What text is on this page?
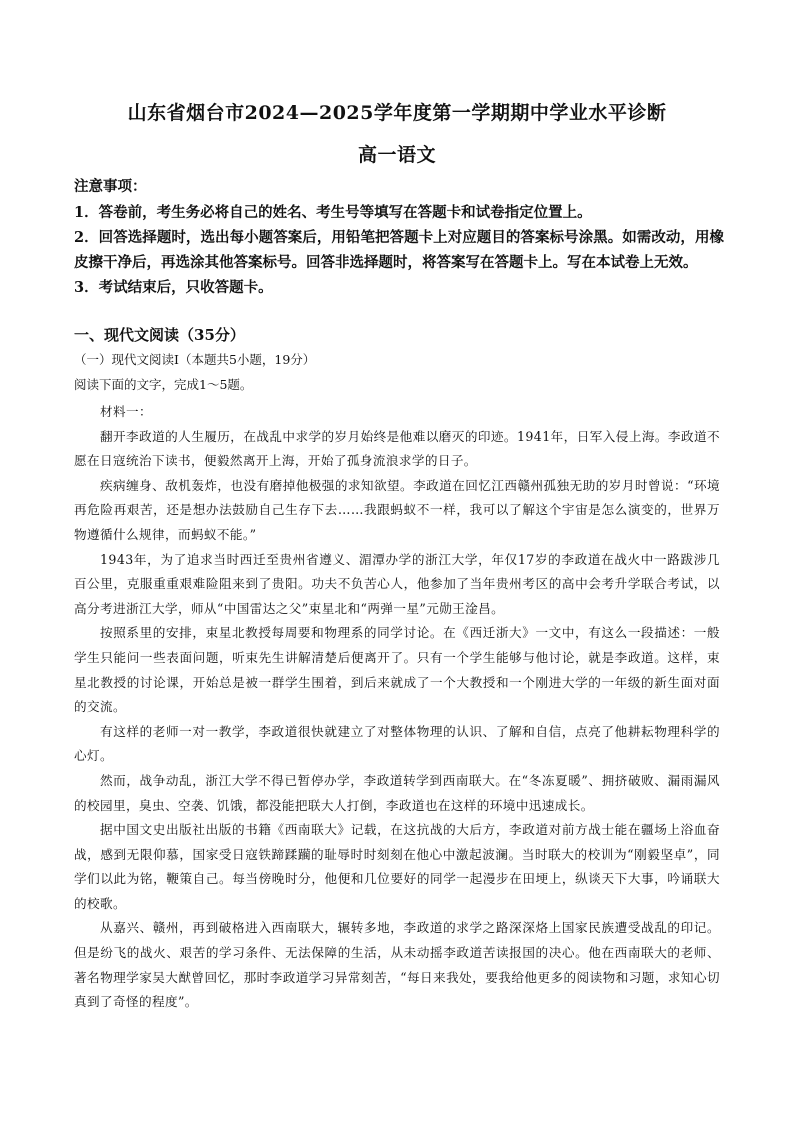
山东省烟台市2024—2025学年度第一学期期中学业水平诊断
高一语文

注意事项：

1．答卷前，考生务必将自己的姓名、考生号等填写在答题卡和试卷指定位置上。

2．回答选择题时，选出每小题答案后，用铅笔把答题卡上对应题目的答案标号涂黑。如需改动，用橡皮擦干净后，再选涂其他答案标号。回答非选择题时，将答案写在答题卡上。写在本试卷上无效。

3．考试结束后，只收答题卡。

一、现代文阅读（35分）
（一）现代文阅读Ⅰ（本题共5小题，19分）
阅读下面的文字，完成1～5题。

材料一：

翻开李政道的人生履历，在战乱中求学的岁月始终是他难以磨灭的印迹。1941年，日军入侵上海。李政道不愿在日寇统治下读书，便毅然离开上海，开始了孤身流浪求学的日子。

疾病缠身、敌机轰炸，也没有磨掉他极强的求知欲望。李政道在回忆江西赣州孤独无助的岁月时曾说：“环境再危险再艰苦，还是想办法鼓励自己生存下去……我跟蚂蚁不一样，我可以了解这个宇宙是怎么演变的，世界万物遵循什么规律，而蚂蚁不能。”

1943年，为了追求当时西迁至贵州省遵义、湄潭办学的浙江大学，年仅17岁的李政道在战火中一路跋涉几百公里，克服重重艰难险阻来到了贵阳。功夫不负苦心人，他参加了当年贵州考区的高中会考升学联合考试，以高分考进浙江大学，师从“中国雷达之父”束星北和“两弹一星”元勋王淦昌。

按照系里的安排，束星北教授每周要和物理系的同学讨论。在《西迁浙大》一文中，有这么一段描述：一般学生只能问一些表面问题，听束先生讲解清楚后便离开了。只有一个学生能够与他讨论，就是李政道。这样，束星北教授的讨论课，开始总是被一群学生围着，到后来就成了一个大教授和一个刚进大学的一年级的新生面对面的交流。

有这样的老师一对一教学，李政道很快就建立了对整体物理的认识、了解和自信，点亮了他耕耘物理科学的心灯。

然而，战争动乱，浙江大学不得已暂停办学，李政道转学到西南联大。在“冬冻夏暖”、拥挤破败、漏雨漏风的校园里，臭虫、空袭、饥饿，都没能把联大人打倒，李政道也在这样的环境中迅速成长。

据中国文史出版社出版的书籍《西南联大》记载，在这抗战的大后方，李政道对前方战士能在疆场上浴血奋战，感到无限仰慕，国家受日寇铁蹄蹂躏的耻辱时时刻刻在他心中激起波澜。当时联大的校训为“刚毅坚卓”，同学们以此为铭，鞭策自己。每当傍晚时分，他便和几位要好的同学一起漫步在田埂上，纵谈天下大事，吟诵联大的校歌。

从嘉兴、赣州，再到破格进入西南联大，辗转多地，李政道的求学之路深深烙上国家民族遭受战乱的印记。但是纷飞的战火、艰苦的学习条件、无法保障的生活，从未动摇李政道苦读报国的决心。他在西南联大的老师、著名物理学家吴大猷曾回忆，那时李政道学习异常刻苦，“每日来我处，要我给他更多的阅读物和习题，求知心切真到了奇怪的程度”。
